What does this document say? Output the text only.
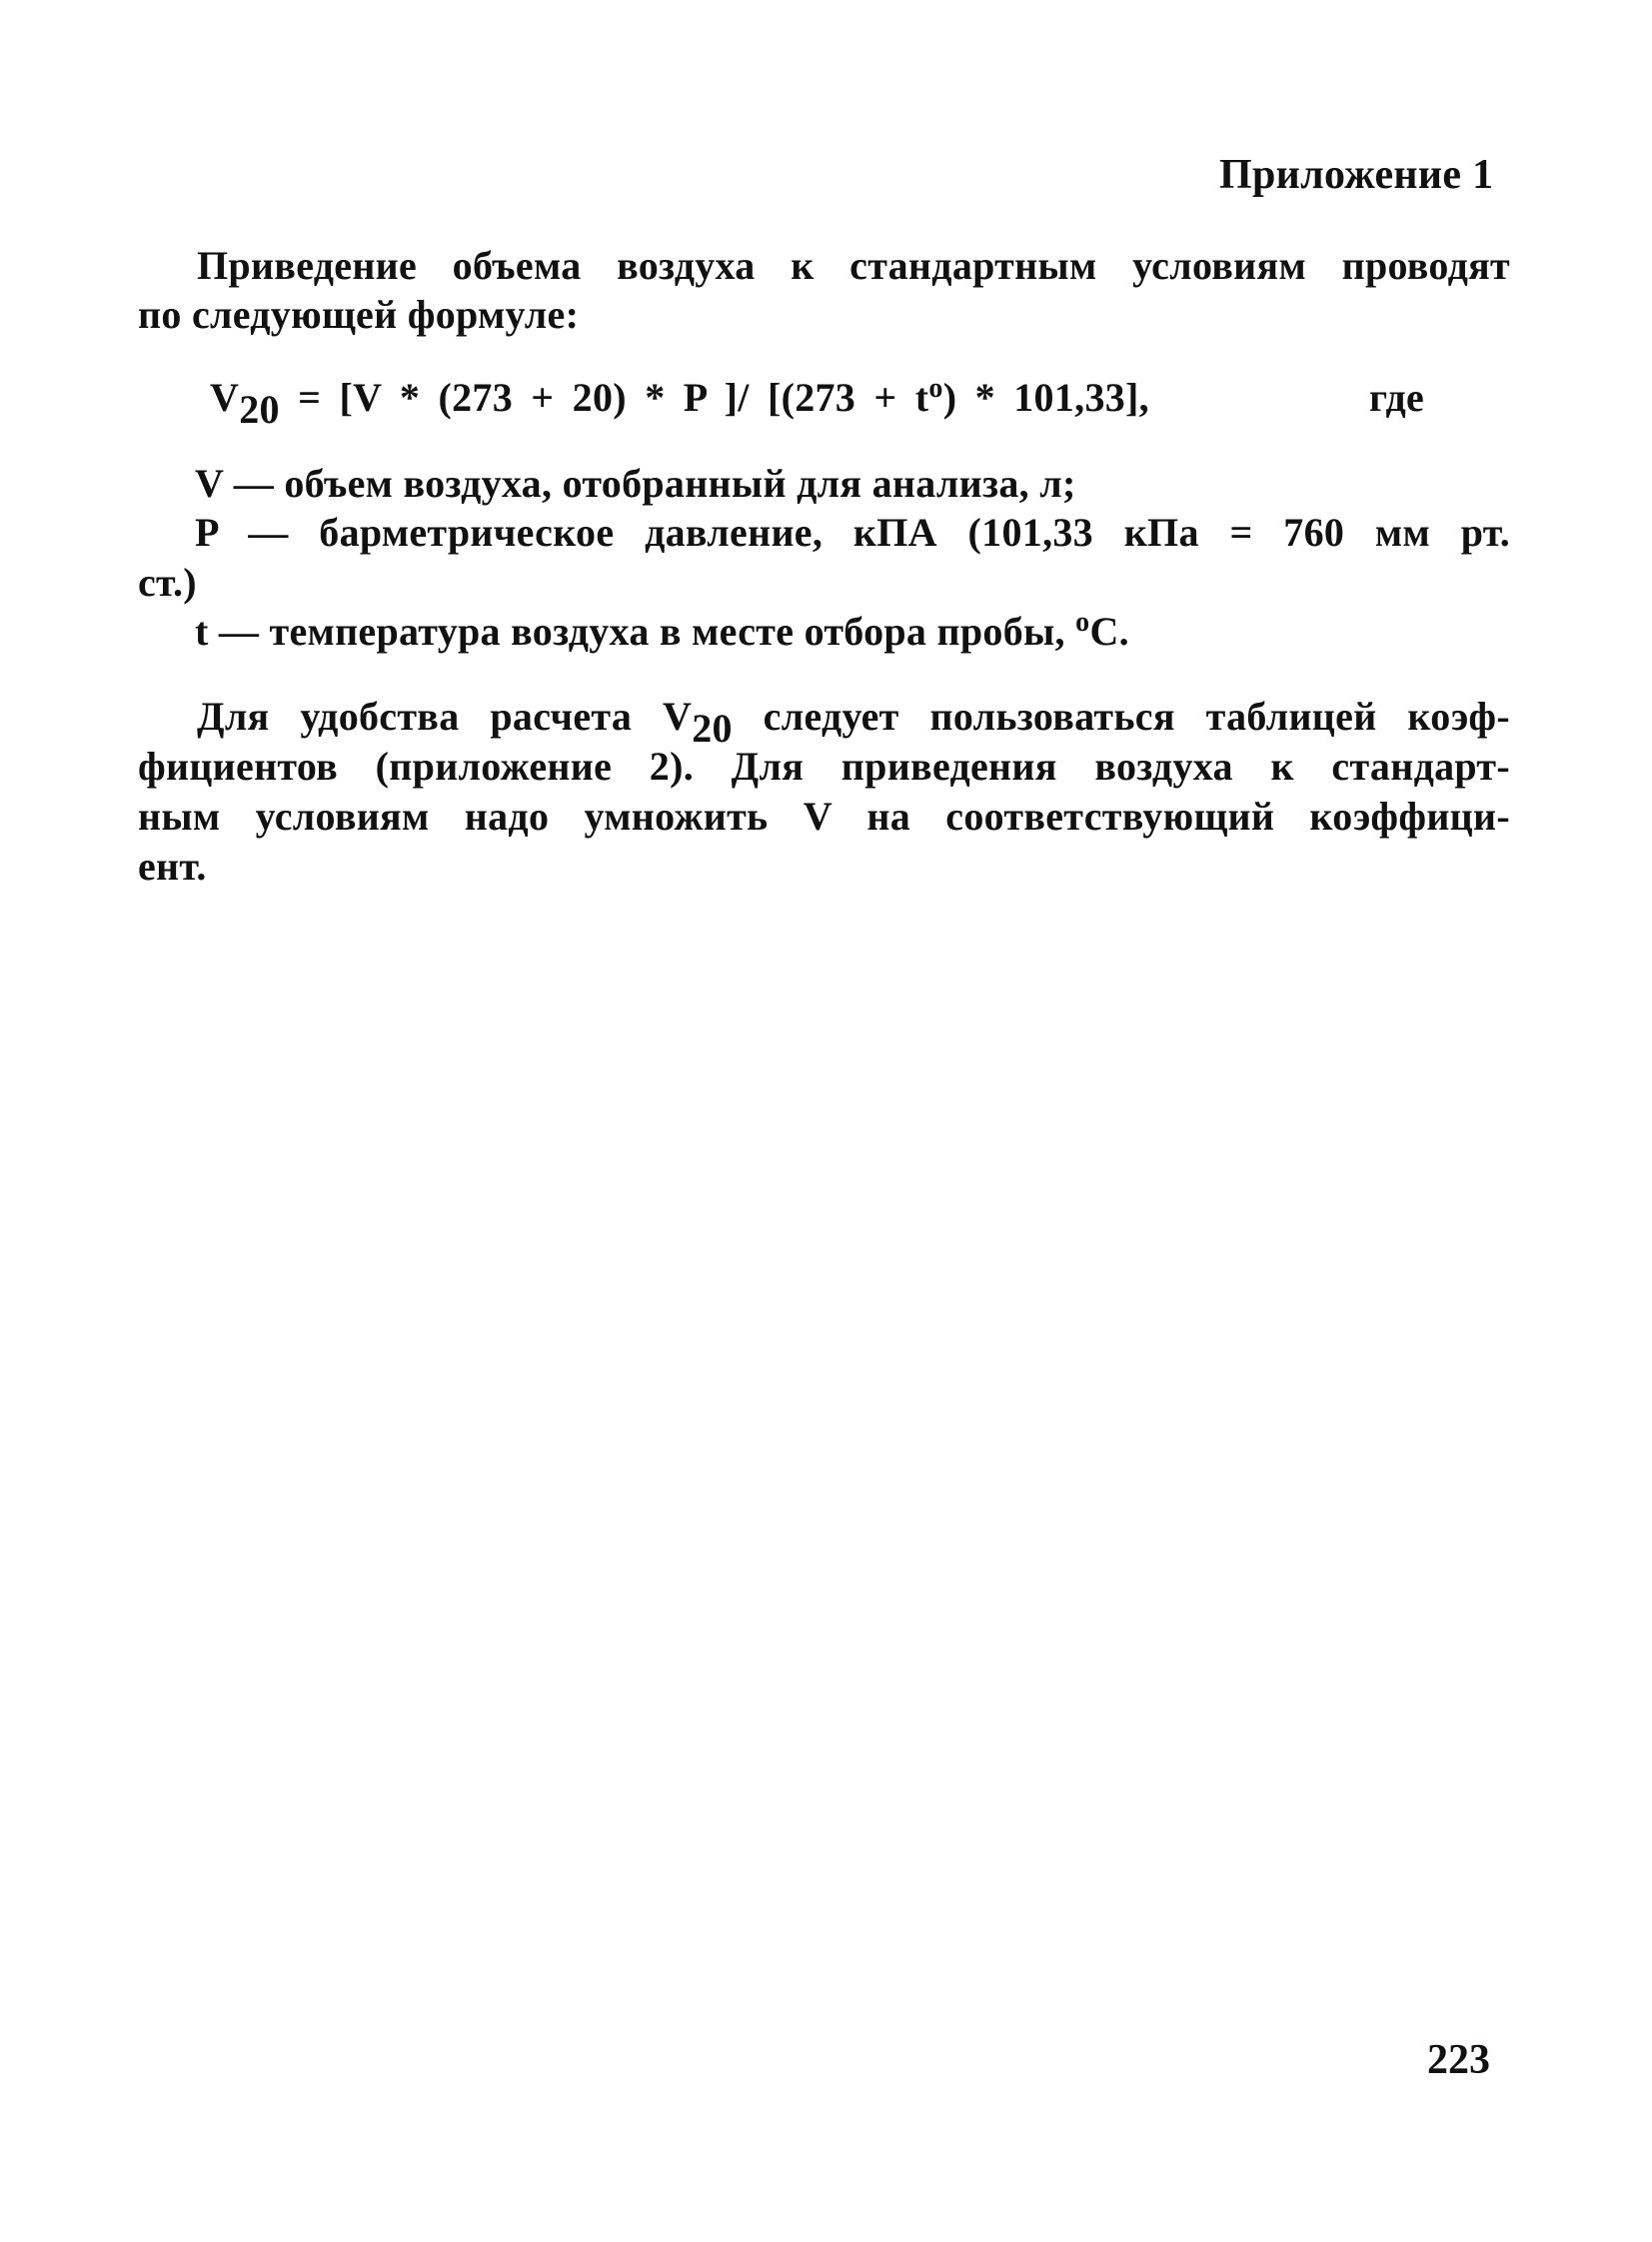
Приложение 1
Приведение объема воздуха к стандартным условиям проводят
по следующей формуле:
$V_{20} = [V * (273 + 20) * P$ ]/ $[(273 + t^o) * 101,33]$,	где
V — объем воздуха, отобранный для анализа, л;
P — барметрическое давление, кПА (101,33 кПа = 760 мм рт.
ст.)
t — температура воздуха в месте отбора пробы, $^o$C.
Для удобства расчета $V_{20}$ следует пользоваться таблицей коэф-
фициентов (приложение 2). Для приведения воздуха к стандарт-
ным условиям надо умножить V на соответствующий коэффици-
ент.
223
